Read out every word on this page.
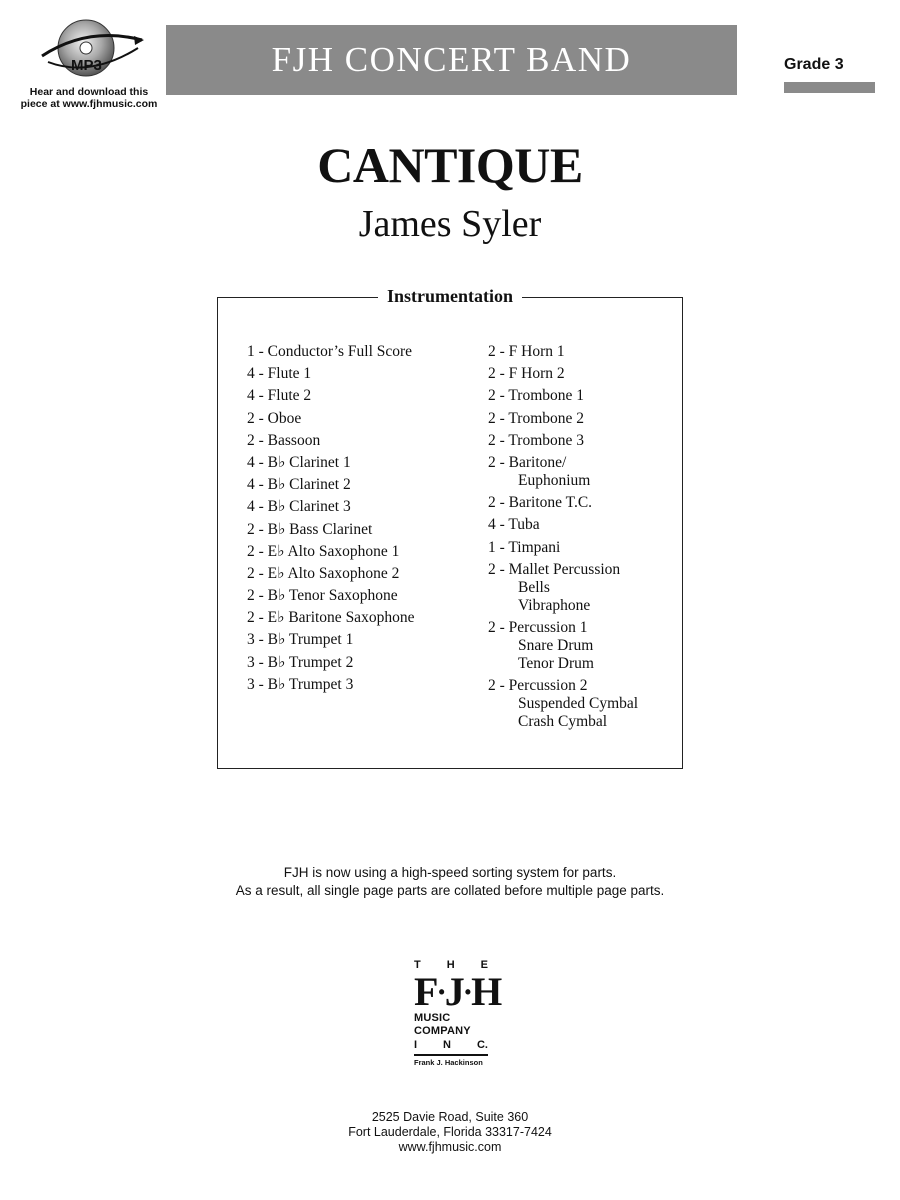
MP3
Hear and download this
piece at www.fjhmusic.com
FJH CONCERT BAND	Grade 3
CANTIQUE
James Syler
Instrumentation
1 - Conductor’s Full Score
4 - Flute 1
4 - Flute 2
2 - Oboe
2 - Bassoon
4 - B♭ Clarinet 1
4 - B♭ Clarinet 2
4 - B♭ Clarinet 3
2 - B♭ Bass Clarinet
2 - E♭ Alto Saxophone 1
2 - E♭ Alto Saxophone 2
2 - B♭ Tenor Saxophone
2 - E♭ Baritone Saxophone
3 - B♭ Trumpet 1
3 - B♭ Trumpet 2
3 - B♭ Trumpet 3
2 - F Horn 1
2 - F Horn 2
2 - Trombone 1
2 - Trombone 2
2 - Trombone 3
2 - Baritone/
Euphonium
2 - Baritone T.C.
4 - Tuba
1 - Timpani
2 - Mallet Percussion
Bells
Vibraphone
2 - Percussion 1
Snare Drum
Tenor Drum
2 - Percussion 2
Suspended Cymbal
Crash Cymbal
FJH is now using a high-speed sorting system for parts.
As a result, all single page parts are collated before multiple page parts.
T H E
F • J • H
MUSIC
COMPANY
I N C.
Frank J. Hackinson
2525 Davie Road, Suite 360
Fort Lauderdale, Florida 33317-7424
www.fjhmusic.com
